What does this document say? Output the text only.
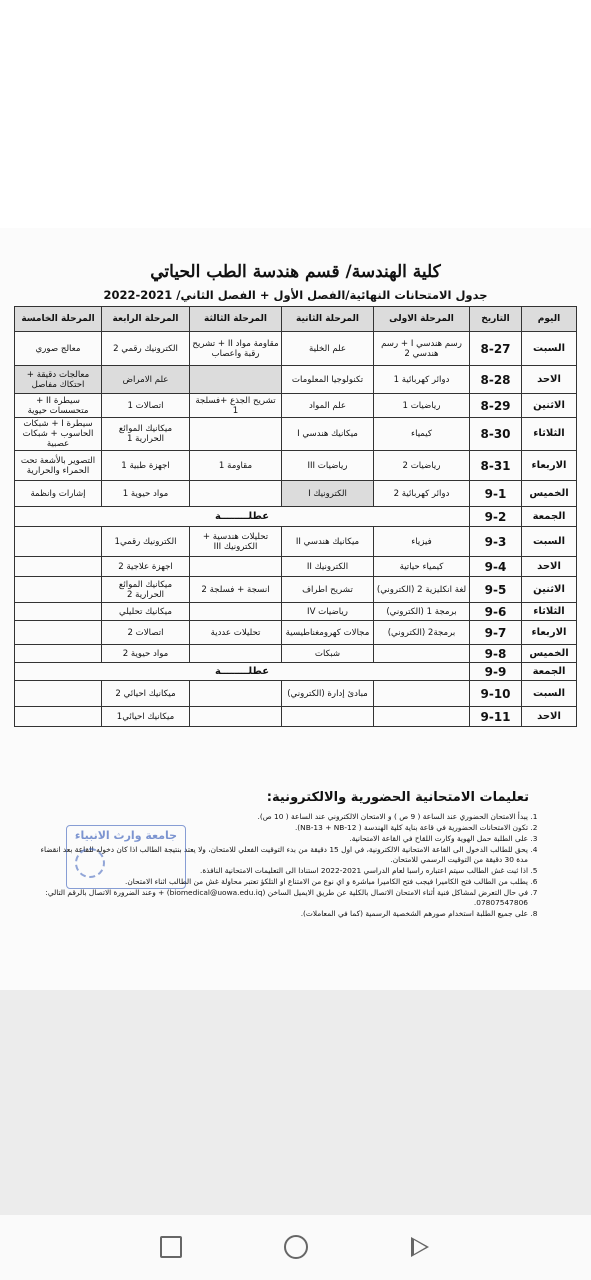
كلية الهندسة/ قسم هندسة الطب الحياتي
جدول الامتحانات النهائية/الفصل الأول + الفصل الثاني/ 2021-2022
اليوم	التاريخ	المرحلة الاولى	المرحلة الثانية	المرحلة الثالثة	المرحلة الرابعة	المرحلة الخامسة
السبت	8-27	رسم هندسي I + رسم هندسي 2	علم الخلية	مقاومة مواد II + تشريح رقبة واعصاب	الكترونيك رقمي 2	معالج صوري
الاحد	8-28	دوائر كهربائية 1	تكنولوجيا المعلومات		علم الامراض	معالجات دقيقة + احتكاك مفاصل
الاثنين	8-29	رياضيات 1	علم المواد	تشريح الجذع +فسلجة 1	اتصالات 1	سيطرة II + متحسسات حيوية
الثلاثاء	8-30	كيمياء	ميكانيك هندسي I		ميكانيك الموائع الحرارية 1	سيطرة I + شبكات الحاسوب + شبكات عصبية
الاربعاء	8-31	رياضيات 2	رياضيات III	مقاومة 1	اجهزة طبية 1	التصوير بالأشعة تحت الحمراء والحرارية
الخميس	9-1	دوائر كهربائية 2	الكترونيك I		مواد حيوية 1	إشارات وانظمة
الجمعة	9-2	عطلــــــــة				
السبت	9-3	فيزياء	ميكانيك هندسي II	تحليلات هندسية + الكترونيك III	الكترونيك رقمي1	
الاحد	9-4	كيمياء حياتية	الكترونيك II		اجهزة علاجية 2	
الاثنين	9-5	لغة انكليزية 2 (الكتروني)	تشريح اطراف	انسجة + فسلجة 2	ميكانيك الموائع الحرارية 2	
الثلاثاء	9-6	برمجة 1 (الكتروني)	رياضيات IV		ميكانيك تحليلي	
الاربعاء	9-7	برمجة2 (الكتروني)	مجالات كهرومغناطيسية	تحليلات عددية	اتصالات 2	
الخميس	9-8		شبكات		مواد حيوية 2	
الجمعة	9-9	عطلــــــــة				
السبت	9-10		مبادئ إدارة (الكتروني)		ميكانيك احيائي 2	
الاحد	9-11				ميكانيك احيائي1	
تعليمات الامتحانية الحضورية والالكترونية:
1. يبدأ الامتحان الحضوري عند الساعة ( 9 ص ) و الامتحان الالكتروني عند الساعة ( 10 ص).
2. تكون الامتحانات الحضورية في قاعة بناية كلية الهندسة ( NB-13 + NB-12).
3. على الطلبة حمل الهوية وكارت اللقاح في القاعة الامتحانية.
4. يحق للطالب الدخول الى القاعة الامتحانية الالكترونية، في اول 15 دقيقة من بدء التوقيت الفعلي للامتحان، ولا يعتد بنتيجة الطالب اذا كان دخوله للقاعة بعد انقضاء مدة 30 دقيقة من التوقيت الرسمي للامتحان.
5. اذا ثبت غش الطالب سيتم اعتباره راسبا لعام الدراسي 2021-2022 استنادا الى التعليمات الامتحانية النافذة.
6. يطلب من الطالب فتح الكاميرا فيجب فتح الكاميرا مباشرة و اي نوع من الامتناع او التلكؤ تعتبر محاولة غش من الطالب اثناء الامتحان.
7. في حال التعرض لمشاكل فنية أثناء الامتحان الاتصال بالكلية عن طريق الايميل الساخن (biomedical@uowa.edu.iq) + وعند الضرورة الاتصال بالرقم التالي: 07807547806.
8. على جميع الطلبة استخدام صورهم الشخصية الرسمية (كما في المعاملات).
جامعة وارث الانبياء
